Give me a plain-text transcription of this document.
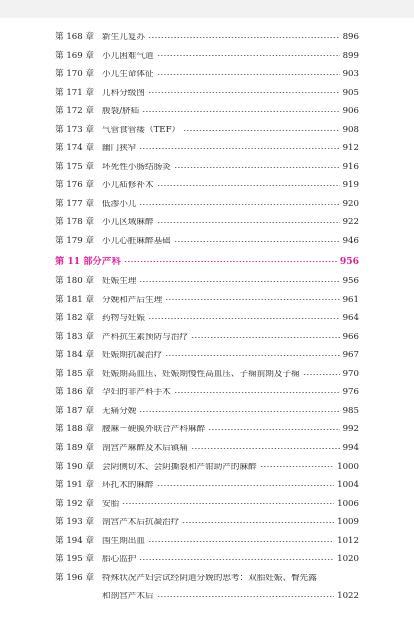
第 168 章 新生儿复苏	896
第 169 章 小儿困难气道	899
第 170 章 小儿生命体征	903
第 171 章 儿科分级图	905
第 172 章 腹裂/脐疝	906
第 173 章 气管食管瘘（TEF）	908
第 174 章 幽门狭窄	912
第 175 章 坏死性小肠结肠炎	916
第 176 章 小儿疝修补术	919
第 177 章 低渗小儿	920
第 178 章 小儿区域麻醉	922
第 179 章 小儿心脏麻醉基础	946
第 11 部分 产科	956
第 180 章 妊娠生理	956
第 181 章 分娩和产后生理	961
第 182 章 药物与妊娠	964
第 183 章 产科抗生素预防与治疗	966
第 184 章 妊娠期抗凝治疗	967
第 185 章 妊娠期高血压、妊娠期慢性高血压、子痫前期及子痫	970
第 186 章 孕妇的非产科手术	976
第 187 章 无痛分娩	985
第 188 章 腰麻－硬膜外联合产科麻醉	992
第 189 章 剖宫产麻醉及术后镇痛	994
第 190 章 会阴侧切术、会阴撕裂和产钳助产的麻醉	1000
第 191 章 环扎术的麻醉	1004
第 192 章 安胎	1006
第 193 章 剖宫产术后抗凝治疗	1009
第 194 章 围生期出血	1012
第 195 章 胎心监护	1020
第 196 章 特殊状况产妇尝试经阴道分娩的思考：双胎妊娠、臀先露
和剖宫产术后	1022
